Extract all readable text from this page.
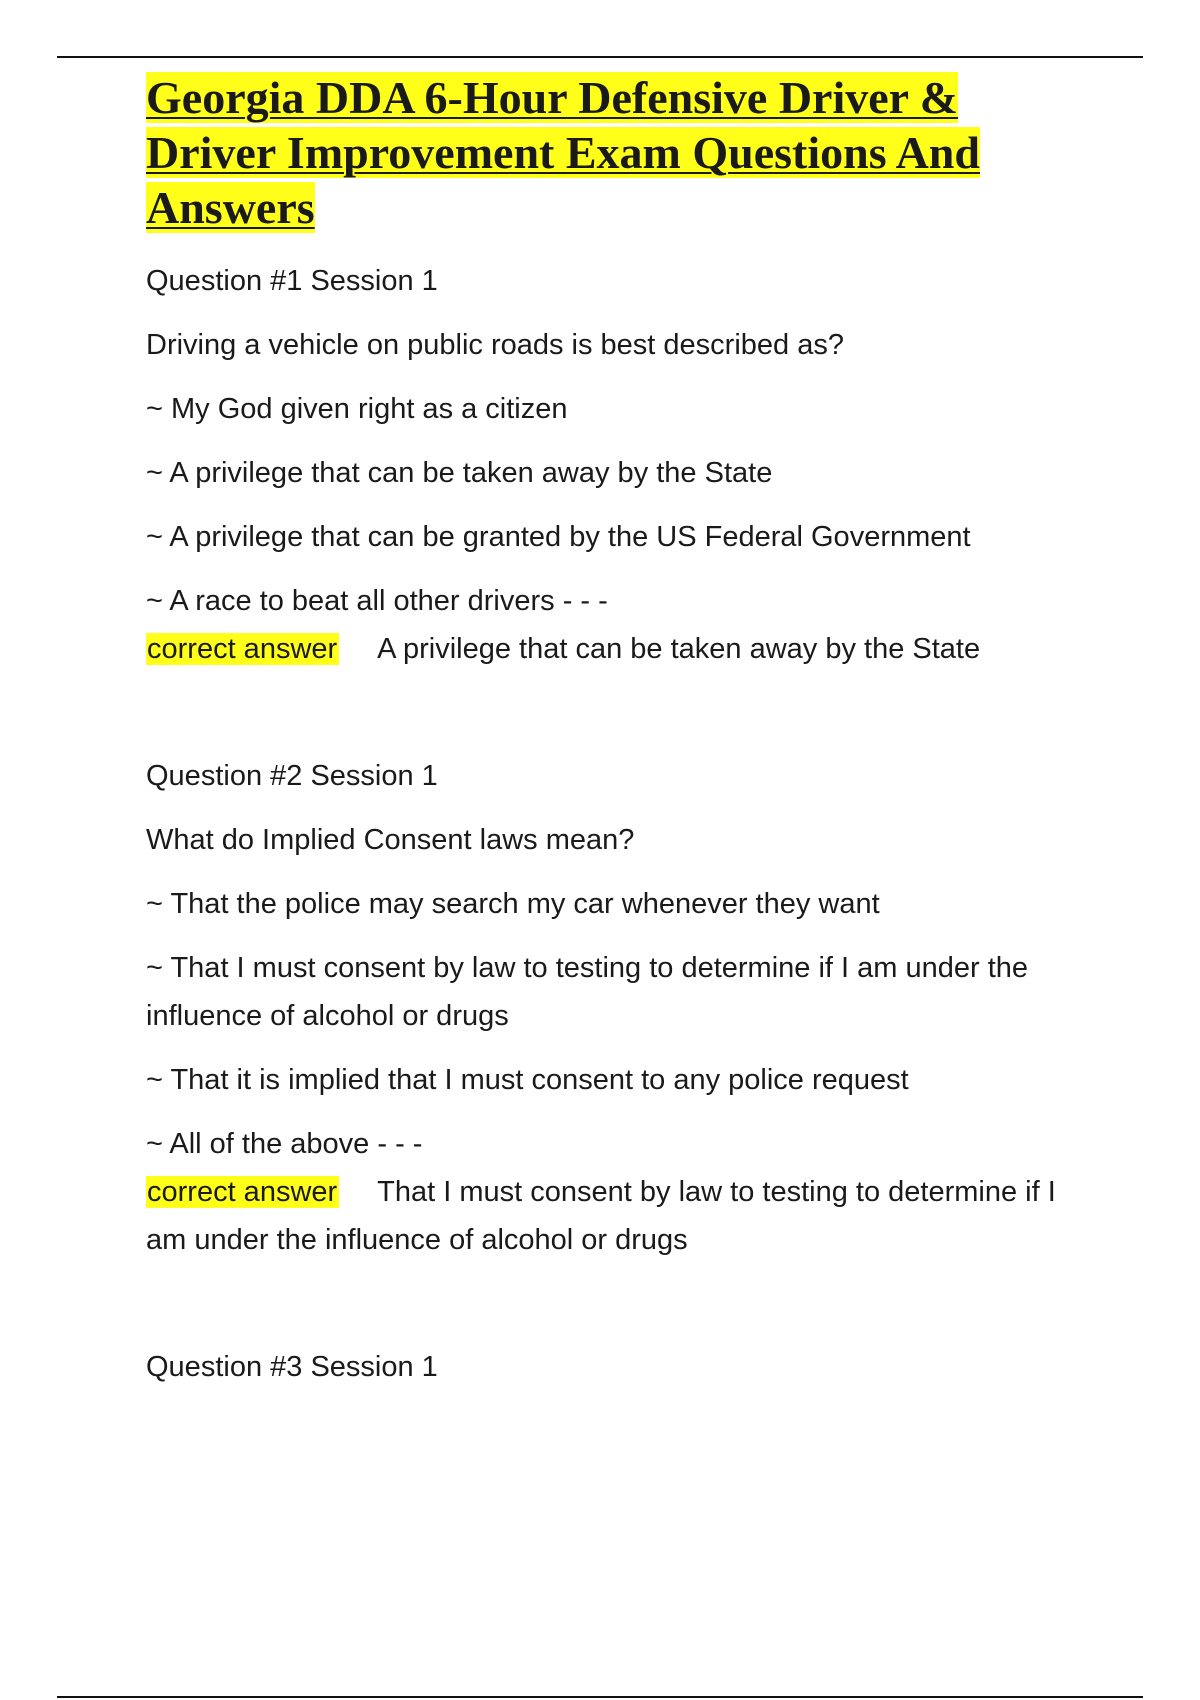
Georgia DDA 6-Hour Defensive Driver & Driver Improvement Exam Questions And Answers

Question #1 Session 1

Driving a vehicle on public roads is best described as?

~ My God given right as a citizen

~ A privilege that can be taken away by the State

~ A privilege that can be granted by the US Federal Government

~ A race to beat all other drivers - - -

correct answer A privilege that can be taken away by the State

Question #2 Session 1

What do Implied Consent laws mean?

~ That the police may search my car whenever they want

~ That I must consent by law to testing to determine if I am under the influence of alcohol or drugs

~ That it is implied that I must consent to any police request

~ All of the above - - -

correct answer That I must consent by law to testing to determine if I am under the influence of alcohol or drugs

Question #3 Session 1
